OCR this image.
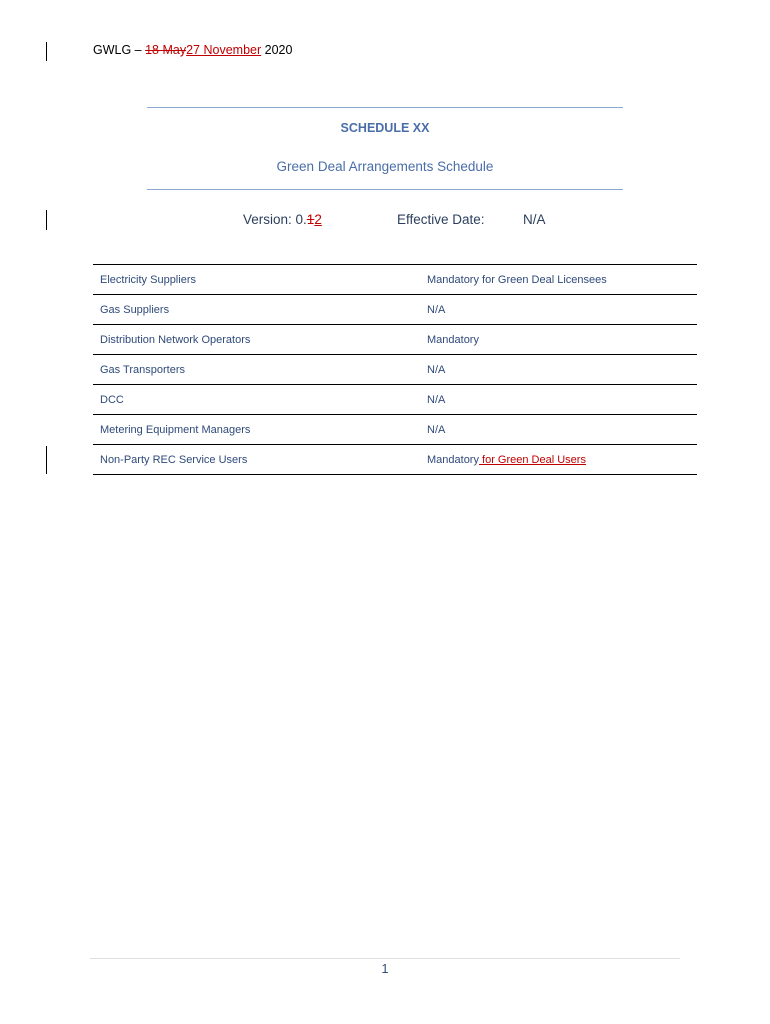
GWLG – 18 May27 November 2020
SCHEDULE XX
Green Deal Arrangements Schedule
Version: 0.12	Effective Date:	N/A
Electricity Suppliers	Mandatory for Green Deal Licensees
Gas Suppliers	N/A
Distribution Network Operators	Mandatory
Gas Transporters	N/A
DCC	N/A
Metering Equipment Managers	N/A
Non-Party REC Service Users	Mandatory for Green Deal Users
1
